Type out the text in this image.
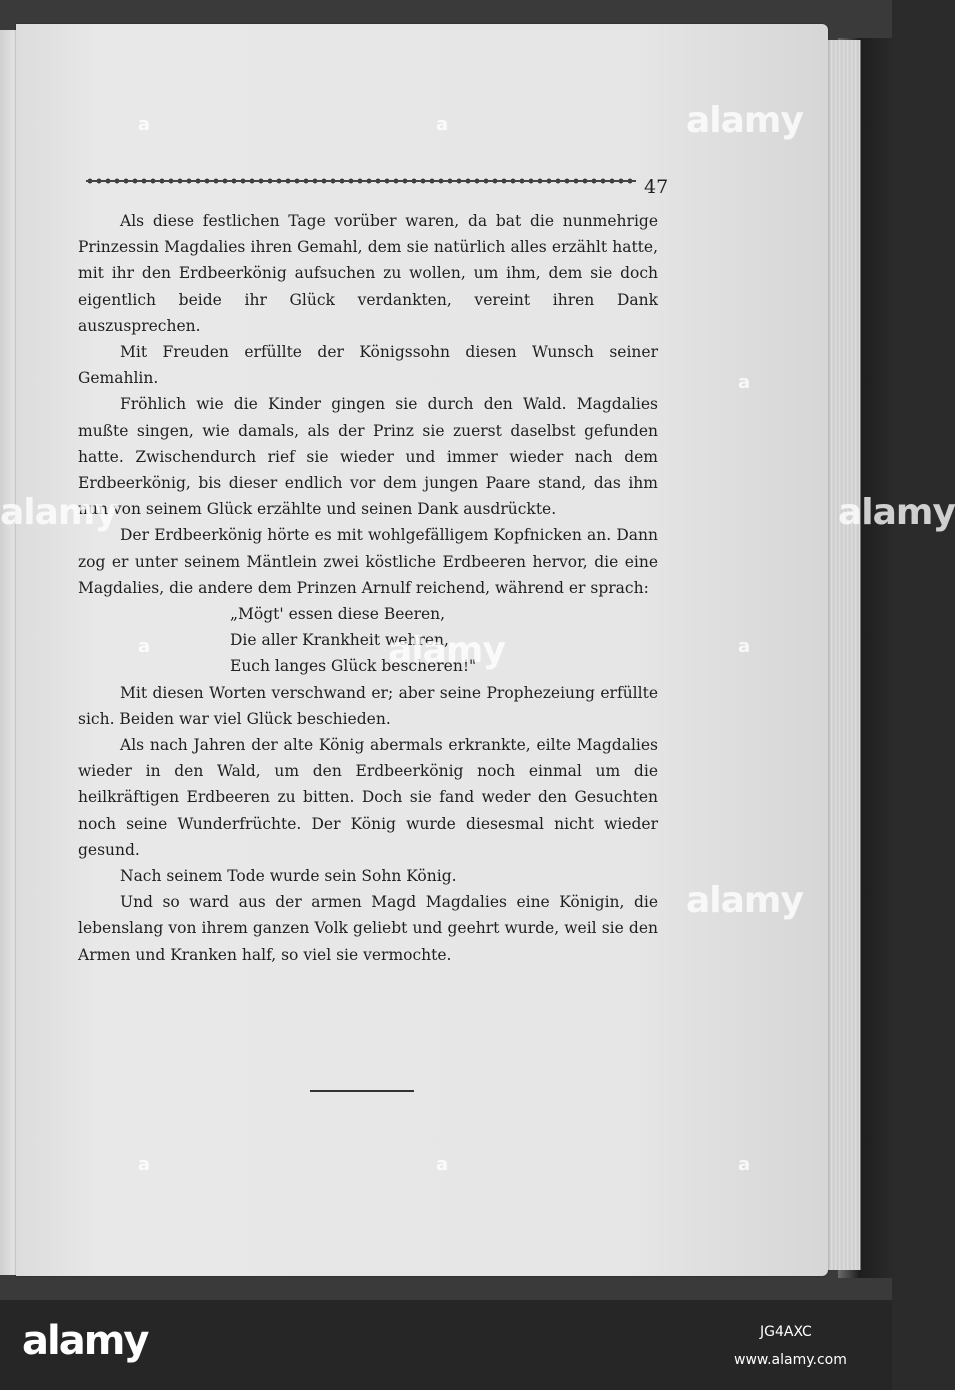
47

Als diese festlichen Tage vorüber waren, da bat die nunmehrige Prinzessin Magdalies ihren Gemahl, dem sie natürlich alles erzählt hatte, mit ihr den Erdbeerkönig aufsuchen zu wollen, um ihm, dem sie doch eigentlich beide ihr Glück verdankten, vereint ihren Dank auszusprechen.

Mit Freuden erfüllte der Königssohn diesen Wunsch seiner Gemahlin.

Fröhlich wie die Kinder gingen sie durch den Wald. Magdalies mußte singen, wie damals, als der Prinz sie zuerst daselbst gefunden hatte. Zwischendurch rief sie wieder und immer wieder nach dem Erdbeerkönig, bis dieser endlich vor dem jungen Paare stand, das ihm nun von seinem Glück erzählte und seinen Dank ausdrückte.

Der Erdbeerkönig hörte es mit wohlgefälligem Kopfnicken an. Dann zog er unter seinem Mäntlein zwei köstliche Erdbeeren hervor, die eine Magdalies, die andere dem Prinzen Arnulf reichend, während er sprach:

„Mögt' essen diese Beeren,
Die aller Krankheit wehren,
Euch langes Glück bescheren!"

Mit diesen Worten verschwand er; aber seine Prophezeiung erfüllte sich. Beiden war viel Glück beschieden.

Als nach Jahren der alte König abermals erkrankte, eilte Magdalies wieder in den Wald, um den Erdbeerkönig noch einmal um die heilkräftigen Erdbeeren zu bitten. Doch sie fand weder den Gesuchten noch seine Wunderfrüchte. Der König wurde diesesmal nicht wieder gesund.

Nach seinem Tode wurde sein Sohn König.

Und so ward aus der armen Magd Magdalies eine Königin, die lebenslang von ihrem ganzen Volk geliebt und geehrt wurde, weil sie den Armen und Kranken half, so viel sie vermochte.

alamy
alamy
alamy
alamy
alamy
a	a
a
a	a
a	a	a
alamy	JG4AXC
www.alamy.com
